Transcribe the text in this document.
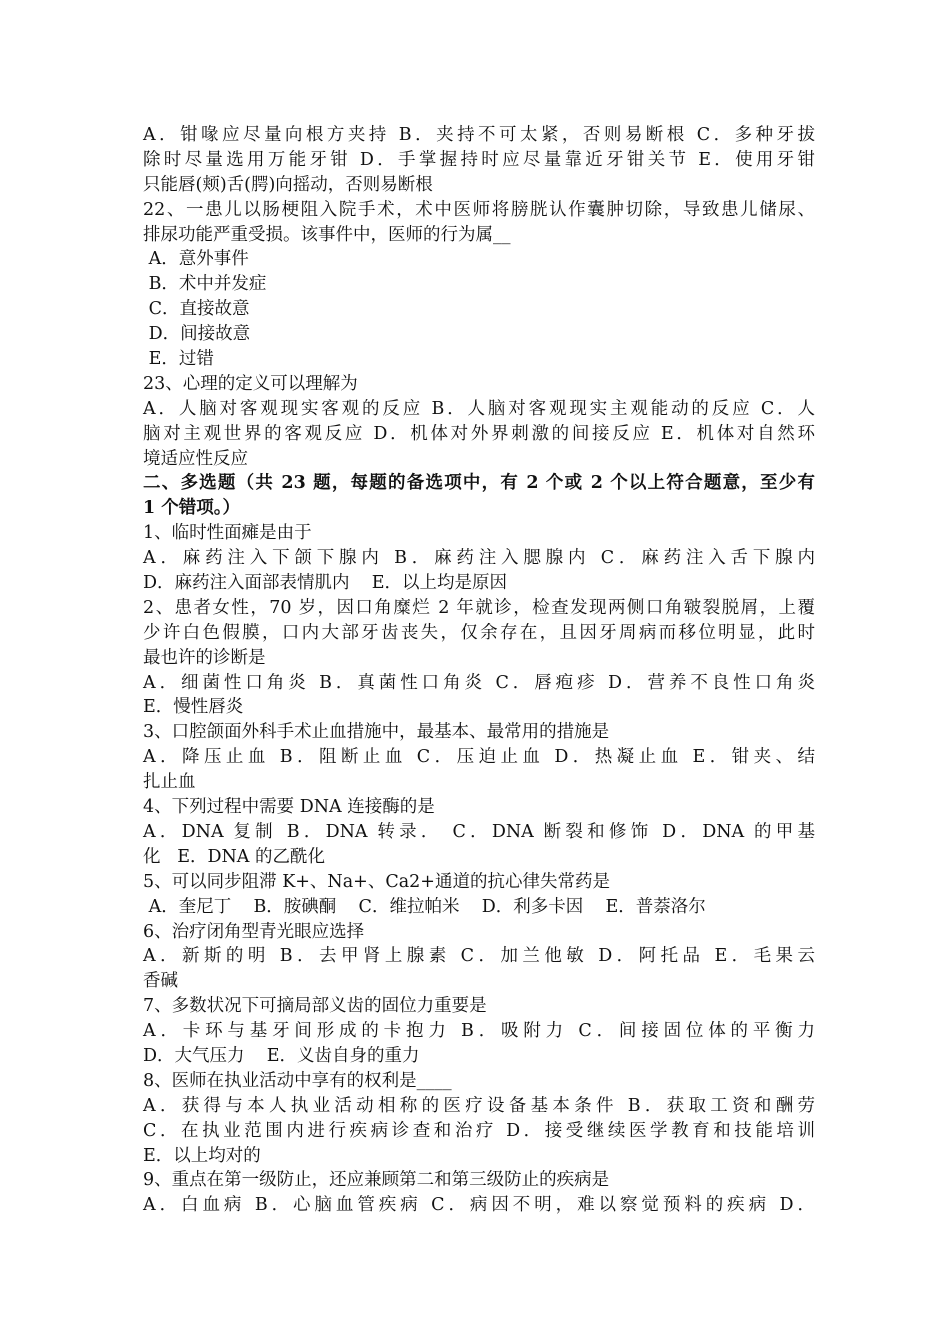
A．钳喙应尽量向根方夹持 B．夹持不可太紧，否则易断根 C．多种牙拔
除时尽量选用万能牙钳 D．手掌握持时应尽量靠近牙钳关节 E．使用牙钳
只能唇(颊)舌(腭)向摇动，否则易断根
22、一患儿以肠梗阻入院手术，术中医师将膀胱认作囊肿切除，导致患儿储尿、
排尿功能严重受损。该事件中，医师的行为属__
A．意外事件
B．术中并发症
C．直接故意
D．间接故意
E．过错
23、心理的定义可以理解为
A．人脑对客观现实客观的反应 B．人脑对客观现实主观能动的反应 C．人
脑对主观世界的客观反应 D．机体对外界刺激的间接反应 E．机体对自然环
境适应性反应
二、多选题（共 23 题，每题的备选项中，有 2 个或 2 个以上符合题意，至少有
1 个错项。）
1、临时性面瘫是由于
A．麻药注入下颌下腺内 B．麻药注入腮腺内 C．麻药注入舌下腺内
D．麻药注入面部表情肌内    E．以上均是原因
2、患者女性，70 岁，因口角糜烂 2 年就诊，检查发现两侧口角皲裂脱屑，上覆
少许白色假膜，口内大部牙齿丧失，仅余存在，且因牙周病而移位明显，此时
最也许的诊断是
A．细菌性口角炎 B．真菌性口角炎 C．唇疱疹 D．营养不良性口角炎
E．慢性唇炎
3、口腔颌面外科手术止血措施中，最基本、最常用的措施是
A．降压止血 B．阻断止血 C．压迫止血 D．热凝止血 E．钳夹、结
扎止血
4、下列过程中需要 DNA 连接酶的是
A．DNA 复制 B．DNA 转录． C．DNA 断裂和修饰 D．DNA 的甲基
化   E．DNA 的乙酰化
5、可以同步阻滞 K+、Na+、Ca2+通道的抗心律失常药是
A．奎尼丁    B．胺碘酮    C．维拉帕米    D．利多卡因    E．普萘洛尔
6、治疗闭角型青光眼应选择
A．新斯的明 B．去甲肾上腺素 C．加兰他敏 D．阿托品 E．毛果云
香碱
7、多数状况下可摘局部义齿的固位力重要是
A．卡环与基牙间形成的卡抱力 B．吸附力 C．间接固位体的平衡力
D．大气压力    E．义齿自身的重力
8、医师在执业活动中享有的权利是____
A．获得与本人执业活动相称的医疗设备基本条件 B．获取工资和酬劳
C．在执业范围内进行疾病诊查和治疗 D．接受继续医学教育和技能培训
E．以上均对的
9、重点在第一级防止，还应兼顾第二和第三级防止的疾病是
A．白血病 B．心脑血管疾病 C．病因不明，难以察觉预料的疾病 D．
